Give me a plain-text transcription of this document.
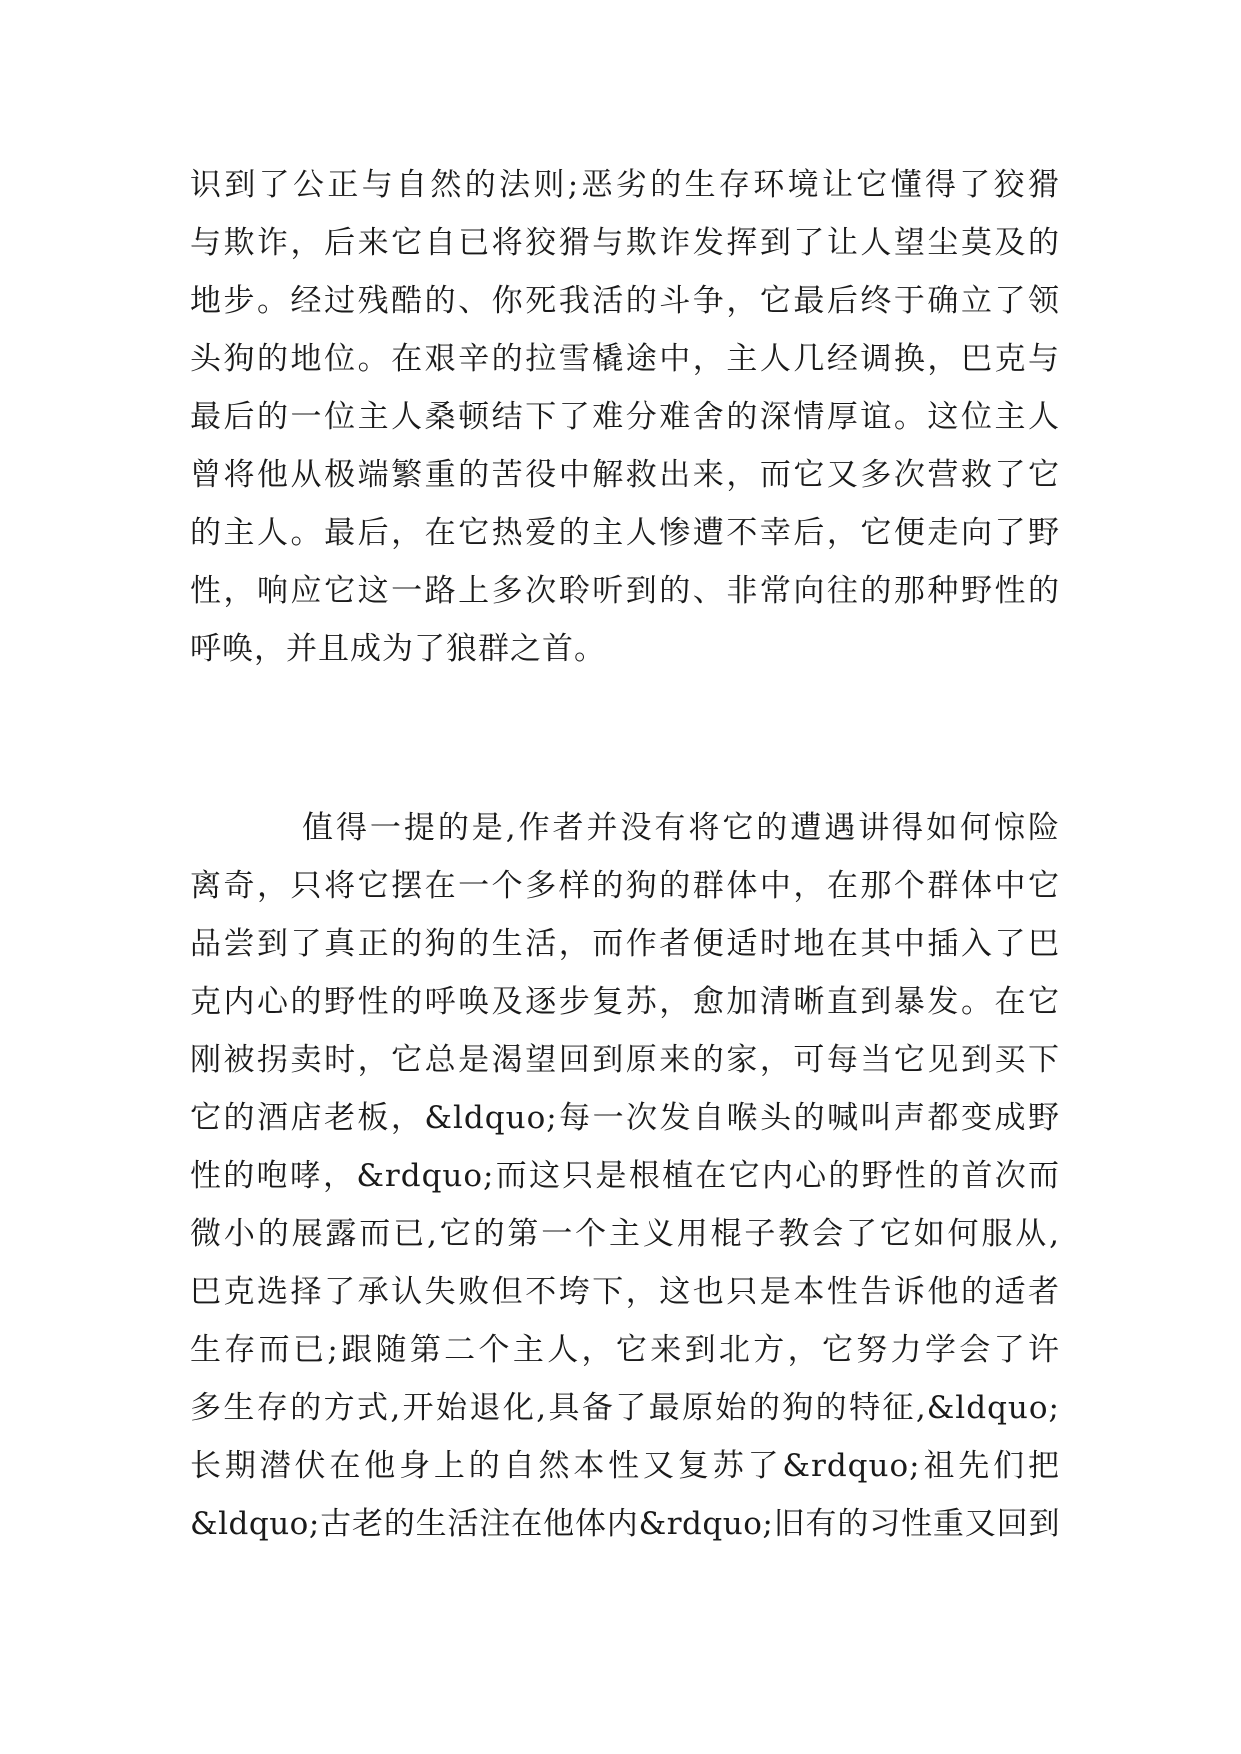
识到了公正与自然的法则;恶劣的生存环境让它懂得了狡猾
与欺诈，后来它自已将狡猾与欺诈发挥到了让人望尘莫及的
地步。经过残酷的、你死我活的斗争，它最后终于确立了领
头狗的地位。在艰辛的拉雪橇途中，主人几经调换，巴克与
最后的一位主人桑顿结下了难分难舍的深情厚谊。这位主人
曾将他从极端繁重的苦役中解救出来，而它又多次营救了它
的主人。最后，在它热爱的主人惨遭不幸后，它便走向了野
性，响应它这一路上多次聆听到的、非常向往的那种野性的
呼唤，并且成为了狼群之首。
值得一提的是,作者并没有将它的遭遇讲得如何惊险
离奇，只将它摆在一个多样的狗的群体中，在那个群体中它
品尝到了真正的狗的生活，而作者便适时地在其中插入了巴
克内心的野性的呼唤及逐步复苏，愈加清晰直到暴发。在它
刚被拐卖时，它总是渴望回到原来的家，可每当它见到买下
它的酒店老板，&ldquo;每一次发自喉头的喊叫声都变成野
性的咆哮，&rdquo;而这只是根植在它内心的野性的首次而
微小的展露而已,它的第一个主义用棍子教会了它如何服从,
巴克选择了承认失败但不垮下，这也只是本性告诉他的适者
生存而已;跟随第二个主人，它来到北方，它努力学会了许
多生存的方式,开始退化,具备了最原始的狗的特征,&ldquo;
长期潜伏在他身上的自然本性又复苏了&rdquo;祖先们把
&ldquo;古老的生活注在他体内&rdquo;旧有的习性重又回到
